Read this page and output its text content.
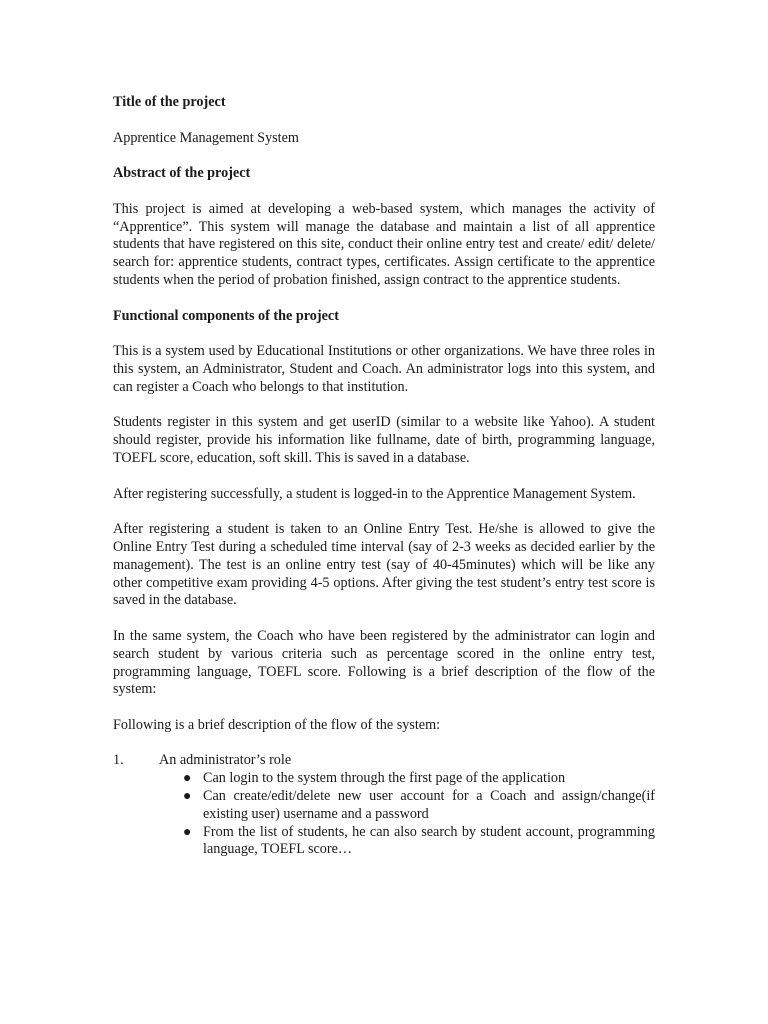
Title of the project

Apprentice Management System

Abstract of the project

This project is aimed at developing a web-based system, which manages the activity of “Apprentice”. This system will manage the database and maintain a list of all apprentice students that have registered on this site, conduct their online entry test and create/ edit/ delete/ search for: apprentice students, contract types, certificates. Assign certificate to the apprentice students when the period of probation finished, assign contract to the apprentice students.

Functional components of the project

This is a system used by Educational Institutions or other organizations. We have three roles in this system, an Administrator, Student and Coach. An administrator logs into this system, and can register a Coach who belongs to that institution.

Students register in this system and get userID (similar to a website like Yahoo). A student should register, provide his information like fullname, date of birth, programming language, TOEFL score, education, soft skill. This is saved in a database.

After registering successfully, a student is logged-in to the Apprentice Management System.

After registering a student is taken to an Online Entry Test. He/she is allowed to give the Online Entry Test during a scheduled time interval (say of 2-3 weeks as decided earlier by the management). The test is an online entry test (say of 40-45minutes) which will be like any other competitive exam providing 4-5 options. After giving the test student’s entry test score is saved in the database.

In the same system, the Coach who have been registered by the administrator can login and search student by various criteria such as percentage scored in the online entry test, programming language, TOEFL score. Following is a brief description of the flow of the system:

Following is a brief description of the flow of the system:

1.	An administrator’s role
● Can login to the system through the first page of the application
● Can create/edit/delete new user account for a Coach and assign/change(if existing user) username and a password
● From the list of students, he can also search by student account, programming language, TOEFL score…
